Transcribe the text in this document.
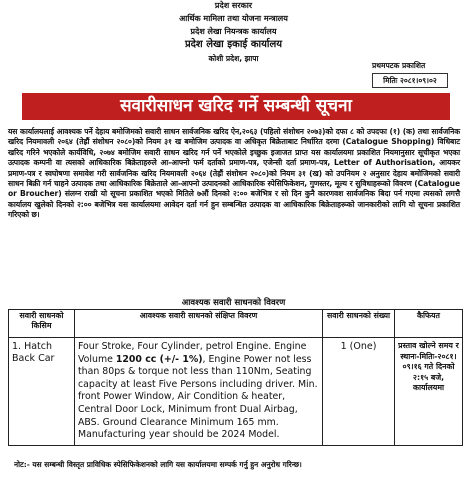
प्रदेश सरकार
आर्थिक मामिला तथा योजना मन्त्रालय
प्रदेश लेखा नियन्त्रक कार्यालय
प्रदेश लेखा इकाई कार्यालय
कोशी प्रदेश, झापा
प्रथमपटक प्रकाशित
मितिः २०८१।०९।०२
सवारीसाधन खरिद गर्ने सम्बन्धी सूचना
यस कार्यालयलाई आवश्यक पर्ने देहाय बमोजिमको सवारी साधन सार्वजनिक खरिद ऐन,२०६३ (पहिलो संशोधन २०७३)को दफा ८ को उपदफा (१) (क) तथा सार्वजनिक खरिद नियमावली २०६४ (तेह्रौं संशोधन २०८०)को नियम ३१ ख बमोजिम उत्पादक वा अधिकृत बिक्रेताबाट निर्धारित दरमा (Catalogue Shopping) विधिबाट खरिद गरिने भएकोले कार्यविधि, २०७४ बमोजिम सवारी साधन खरिद गर्न पर्ने भएकोले इच्छुक इजाजत प्राप्त यस कार्यालयमा प्रकाशित नियमानुसार सूचीकृत भएका उत्पादक कम्पनी वा त्यसको आधिकारिक बिक्रेताहरुले आ-आफ्नो फर्म दर्ताको प्रमाण-पत्र, एजेन्सी दर्ता प्रमाण-पत्र, Letter of Authorisation, आयकर प्रमाण-पत्र र स्वघोषणा समावेश गरी सार्वजनिक खरिद नियमावली २०६४ (तेह्रौं संशोधन २०८०)को नियम ३१ (ख) को उपनियम २ अनुसार देहाय बमोजिमको सवारी साधन बिक्री गर्न चाहने उत्पादक तथा आधिकारिक बिक्रेताले आ-आफ्नो उत्पादनको आधिकारिक स्पेसिफिकेशन, गुणस्तर, मूल्य र सुविधाहरूको विवरण (Catalogue or Broucher) संलग्न राखी यो सूचना प्रकाशित भएको मितिले ७औं दिनको २:०० बजेभित्र र सो दिन कुनै कारणवश सार्वजनिक बिदा पर्न गएमा त्यसको लगत्तै कार्यालय खुलेको दिनको २:०० बजेभित्र यस कार्यालयमा आवेदन दर्ता गर्न हुन सम्बन्धित उत्पादक वा आधिकारिक बिक्रेताहरूको जानकारीको लागि यो सूचना प्रकाशित गरिएको छ।
आवश्यक सवारी साधनको विवरण
सवारी साधनको किसिम	आवश्यक सवारी साधनको संक्षिप्त विवरण	सवारी साधनको संख्या	कैफियत
1. Hatch Back Car	Four Stroke, Four Cylinder, petrol Engine. Engine Volume 1200 cc (+/- 1%), Engine Power not less than 80ps & torque not less than 110Nm, Seating capacity at least Five Persons including driver. Min. front Power Window, Air Condition & heater, Central Door Lock, Minimum front Dual Airbag, ABS. Ground Clearance Minimum 165 mm. Manufacturing year should be 2024 Model.	1 (One)	प्रस्ताव खोल्ने समय र स्थानः-मितिः-२०८१।०९।१६ गते दिनको २:१५ बजे, कार्यालयमा
नोट:- यस सम्बन्धी विस्तृत प्राविधिक स्पेसिफिकेशनको लागि यस कार्यालयमा सम्पर्क गर्नु हुन अनुरोध गरिन्छ।
